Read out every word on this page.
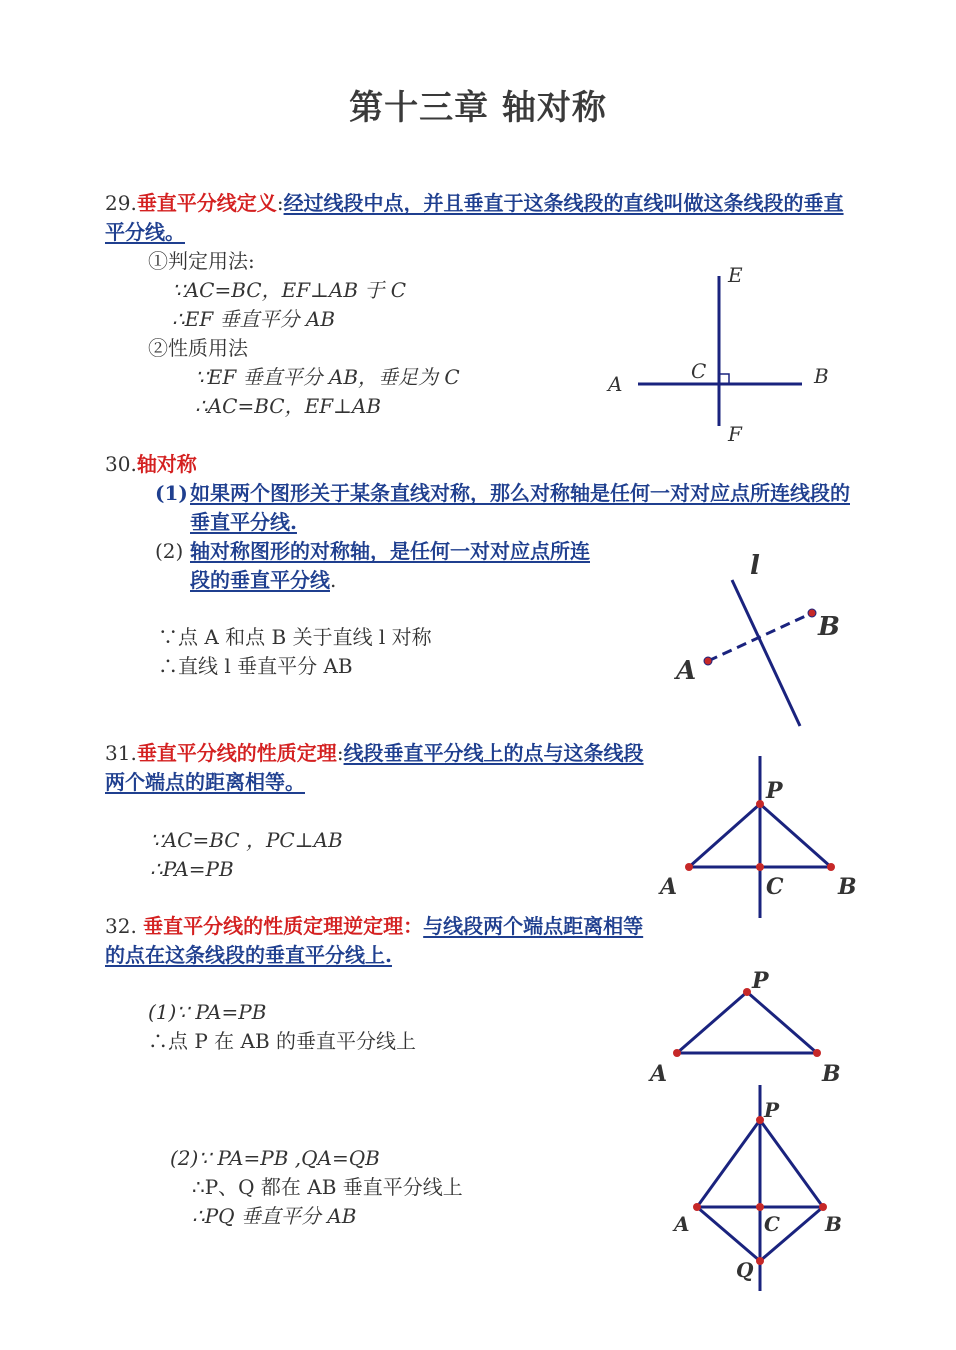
第十三章 轴对称
29.垂直平分线定义:经过线段中点，并且垂直于这条线段的直线叫做这条线段的垂直平分线。
①判定用法:
∵AC=BC，EF⊥AB 于 C
∴EF 垂直平分 AB
②性质用法
∵EF 垂直平分 AB，垂足为 C
∴AC=BC，EF⊥AB
E
F
A	B
C
30.轴对称
(1) 如果两个图形关于某条直线对称，那么对称轴是任何一对对应点所连线段的垂直平分线.
(2) 轴对称图形的对称轴，是任何一对对应点所连
段的垂直平分线.
∵点 A 和点 B 关于直线 l 对称
∴直线 l 垂直平分 AB
l
A
B
31.垂直平分线的性质定理:线段垂直平分线上的点与这条线段两个端点的距离相等。
∵AC=BC ，PC⊥AB
∴PA=PB
P
A	B
C
32. 垂直平分线的性质定理逆定理：与线段两个端点距离相等的点在这条线段的垂直平分线上.
(1)∵ PA=PB
∴点 P 在 AB 的垂直平分线上
(2)∵ PA=PB ,QA=QB
∴P、Q 都在 AB 垂直平分线上
∴PQ 垂直平分 AB
P
A	B
P
A	B
C
Q
